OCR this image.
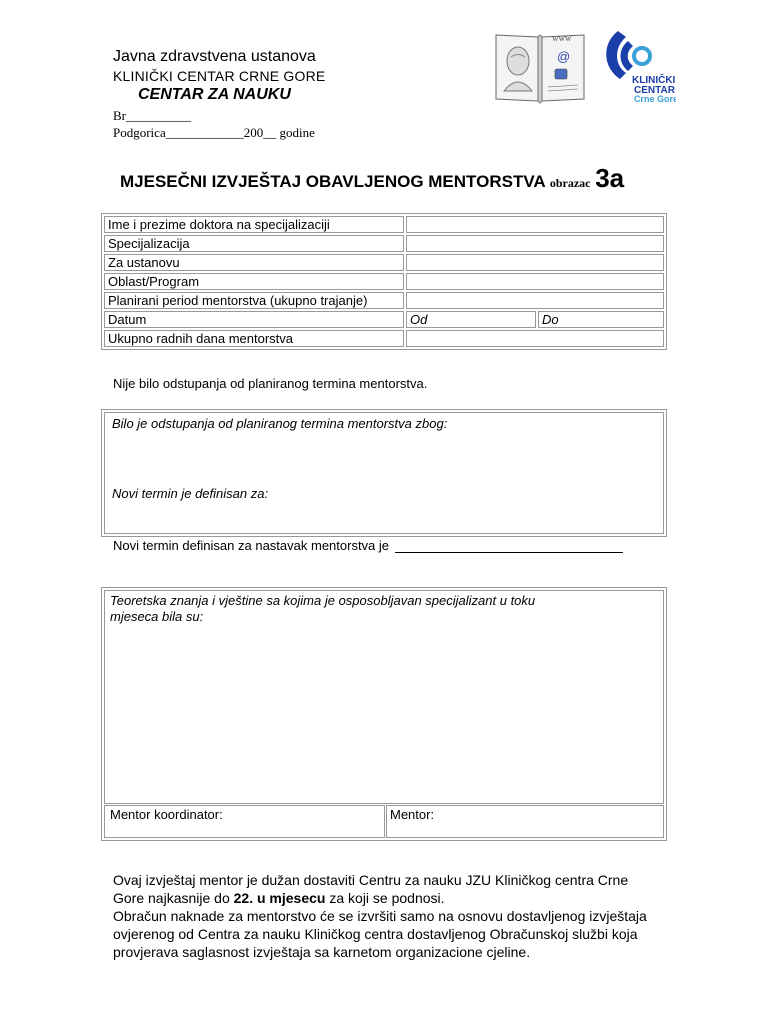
Javna zdravstvena ustanova
KLINIČKI CENTAR CRNE GORE
CENTAR ZA NAUKU
Br__________
Podgorica____________200__ godine
www
@
KLINIČKI
CENTAR
Crne Gore
MJESEČNI IZVJEŠTAJ OBAVLJENOG MENTORSTVA obrazac 3a
Ime i prezime doktora na specijalizaciji		
Specijalizacija		
Za ustanovu		
Oblast/Program		
Planirani period mentorstva (ukupno trajanje)		
Datum	Od	Do
Ukupno radnih dana mentorstva		
Nije bilo odstupanja od planiranog termina mentorstva.
Bilo je odstupanja od planiranog termina mentorstva zbog:
Novi termin je definisan za:
Novi termin definisan za nastavak mentorstva je
Teoretska znanja i vještine sa kojima je osposobljavan specijalizant u toku
mjeseca bila su:
Mentor koordinator:	Mentor:
Ovaj izvještaj mentor je dužan dostaviti Centru za nauku JZU Kliničkog centra Crne Gore najkasnije do 22. u mjesecu za koji se podnosi.
Obračun naknade za mentorstvo će se izvršiti samo na osnovu dostavljenog izvještaja ovjerenog od Centra za nauku Kliničkog centra dostavljenog Obračunskoj službi koja provjerava saglasnost izvještaja sa karnetom organizacione cjeline.
